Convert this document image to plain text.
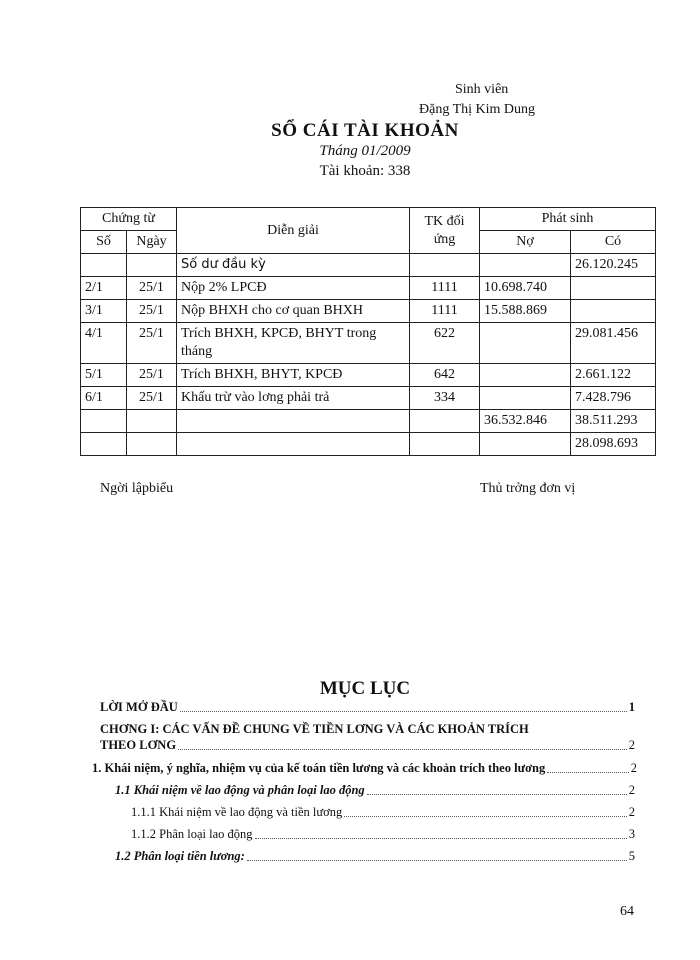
Sinh viên
Đặng Thị Kim Dung
SỔ CÁI TÀI KHOẢN
Tháng 01/2009
Tài khoản: 338
Chứng từ		Diễn giải	TK đối ứng	Phát sinh	
Số	Ngày			Nợ	Có
		Số dư đầu kỳ			26.120.245
2/1	25/1	Nộp 2% LPCĐ	1111	10.698.740	
3/1	25/1	Nộp BHXH cho cơ quan BHXH	1111	15.588.869	
4/1	25/1	Trích BHXH, KPCĐ, BHYT trong tháng	622		29.081.456
5/1	25/1	Trích BHXH, BHYT, KPCĐ	642		2.661.122
6/1	25/1	Khấu trừ vào lơng phải trả	334		7.428.796
				36.532.846	38.511.293
					28.098.693
Ngời lậpbiểu	Thủ trởng đơn vị
MỤC LỤC
LỜI MỞ ĐẦU	1
CHƠNG I: CÁC VẤN ĐỀ CHUNG VỀ TIỀN LƠNG VÀ CÁC KHOẢN TRÍCH
THEO LƠNG	2
1. Khái niệm, ý nghĩa, nhiệm vụ của kế toán tiền lương và các khoản trích theo lương	2
1.1 Khái niệm về lao động và phân loại lao động	2
1.1.1 Khái niệm về lao động và tiền lương	2
1.1.2 Phân loại lao động	3
1.2 Phân loại tiền lương:	5
64
